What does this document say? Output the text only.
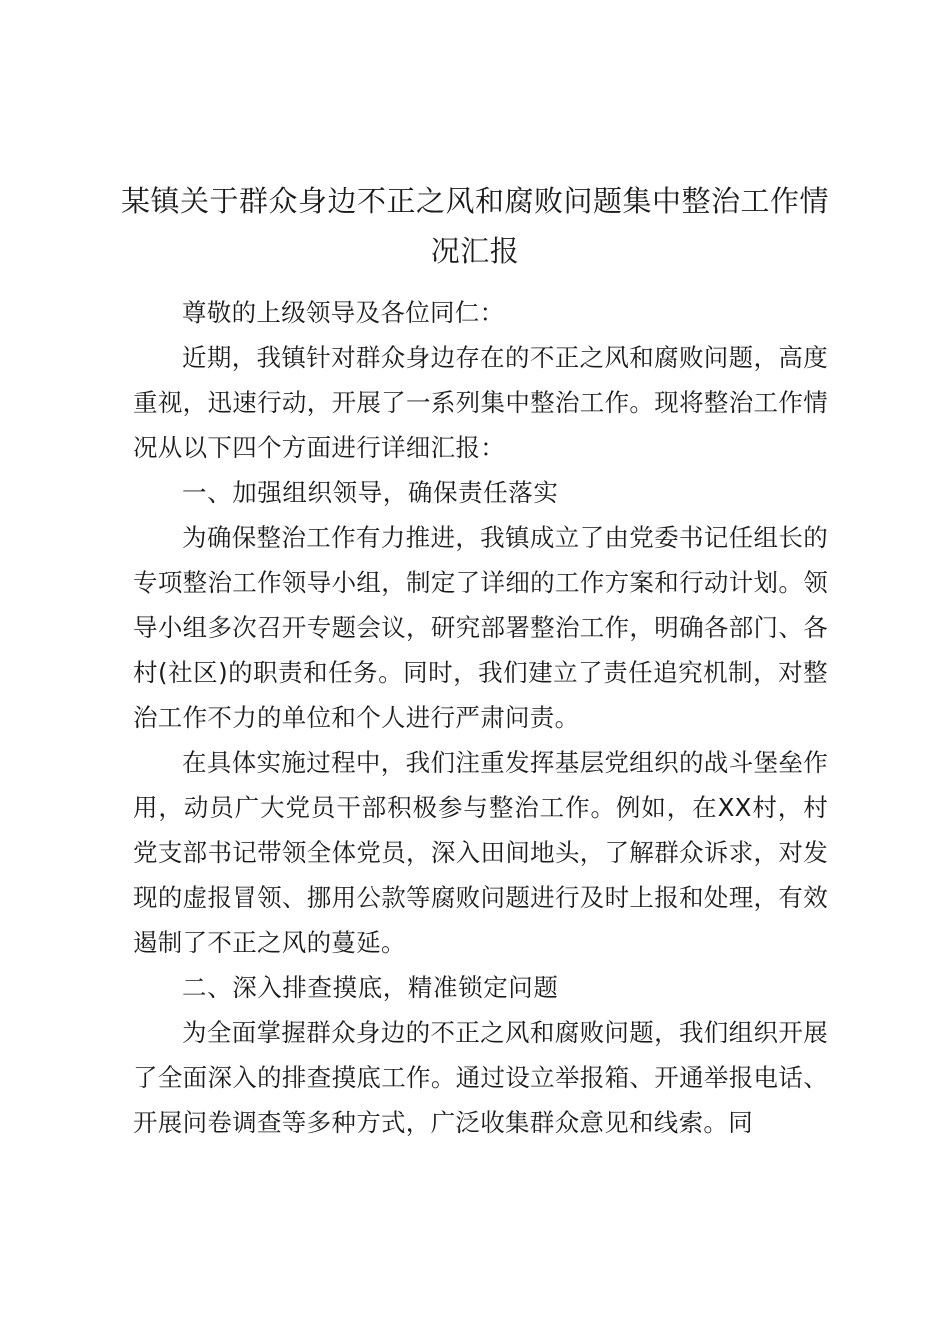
某镇关于群众身边不正之风和腐败问题集中整治工作情
况汇报

尊敬的上级领导及各位同仁：

近期，我镇针对群众身边存在的不正之风和腐败问题，高度重视，迅速行动，开展了一系列集中整治工作。现将整治工作情况从以下四个方面进行详细汇报：

一、加强组织领导，确保责任落实

为确保整治工作有力推进，我镇成立了由党委书记任组长的专项整治工作领导小组，制定了详细的工作方案和行动计划。领导小组多次召开专题会议，研究部署整治工作，明确各部门、各村(社区)的职责和任务。同时，我们建立了责任追究机制，对整治工作不力的单位和个人进行严肃问责。

在具体实施过程中，我们注重发挥基层党组织的战斗堡垒作用，动员广大党员干部积极参与整治工作。例如，在XX村，村党支部书记带领全体党员，深入田间地头，了解群众诉求，对发现的虚报冒领、挪用公款等腐败问题进行及时上报和处理，有效遏制了不正之风的蔓延。

二、深入排查摸底，精准锁定问题

为全面掌握群众身边的不正之风和腐败问题，我们组织开展了全面深入的排查摸底工作。通过设立举报箱、开通举报电话、开展问卷调查等多种方式，广泛收集群众意见和线索。同
